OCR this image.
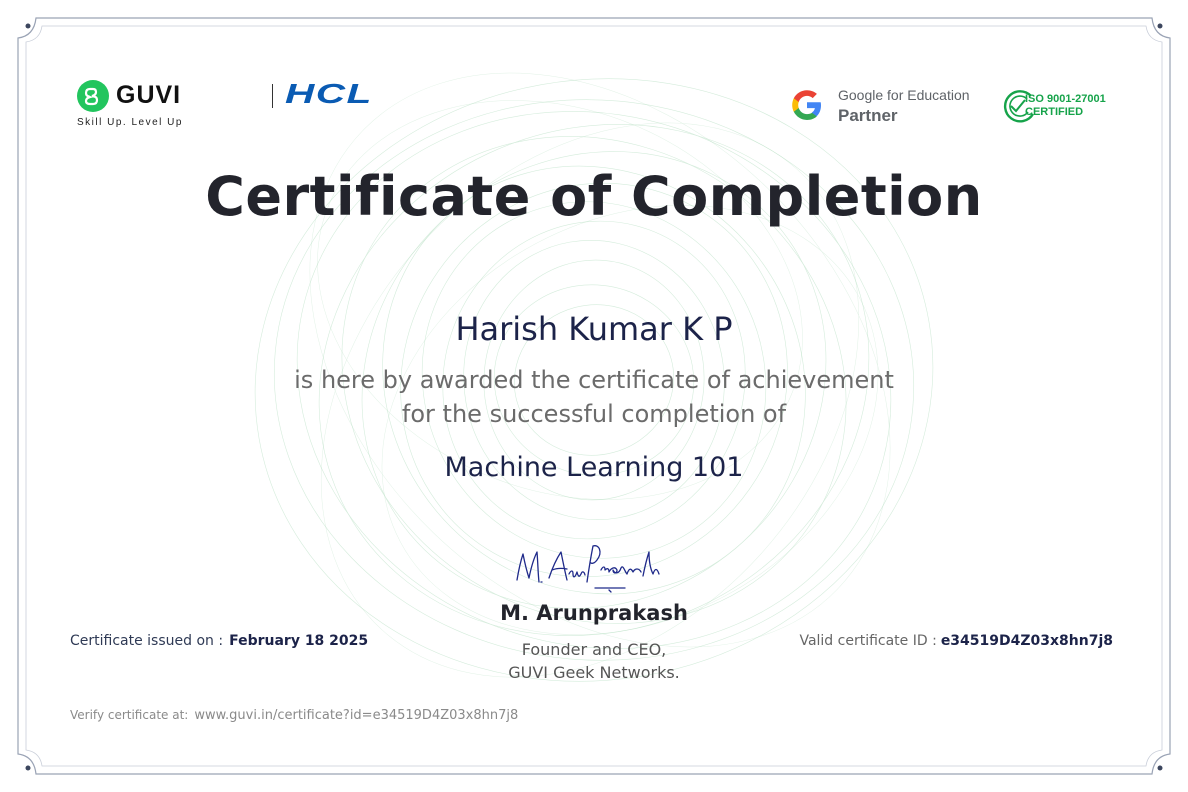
GUVI	HCL
Skill Up. Level Up
Google for Education
Partner
ISO 9001-27001
CERTIFIED
Certificate of Completion
Harish Kumar K P
is here by awarded the certificate of achievement
for the successful completion of
Machine Learning 101
M. Arunprakash
Founder and CEO,
GUVI Geek Networks.
Certificate issued on : February 18 2025	Valid certificate ID : e34519D4Z03x8hn7j8
Verify certificate at: www.guvi.in/certificate?id=e34519D4Z03x8hn7j8
